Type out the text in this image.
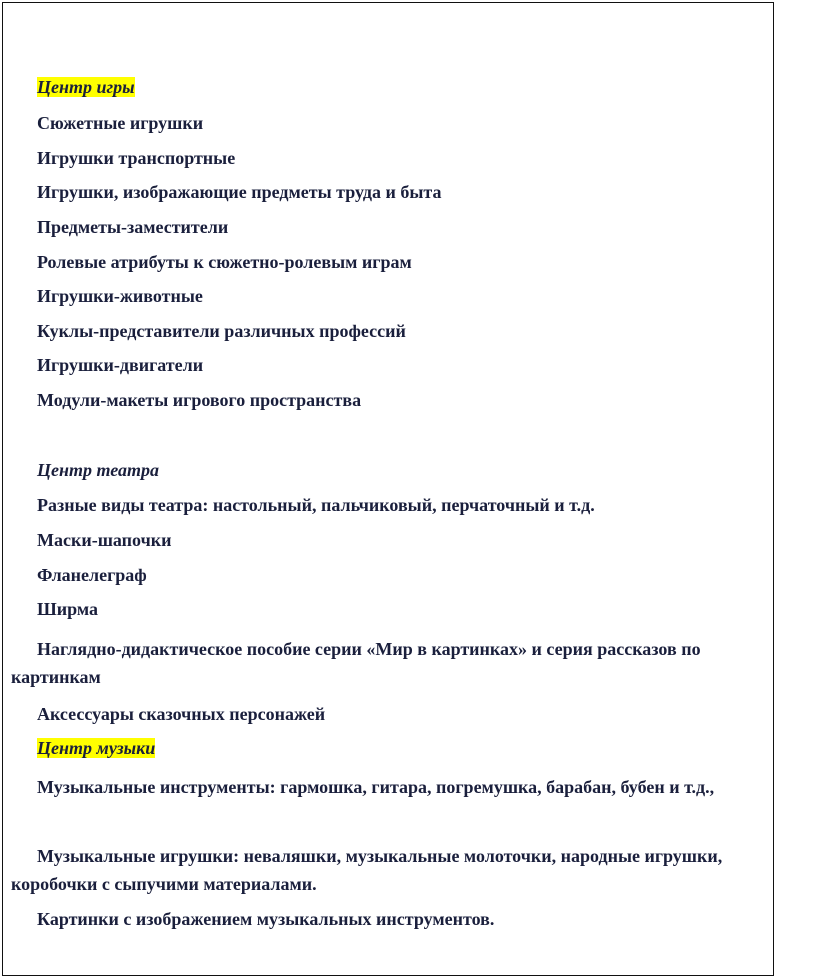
Центр игры
Сюжетные игрушки
Игрушки транспортные
Игрушки, изображающие предметы труда и быта
Предметы-заместители
Ролевые атрибуты к сюжетно-ролевым играм
Игрушки-животные
Куклы-представители различных профессий
Игрушки-двигатели
Модули-макеты игрового пространства
Центр театра
Разные виды театра: настольный, пальчиковый, перчаточный и т.д.
Маски-шапочки
Фланелеграф
Ширма
Наглядно-дидактическое пособие серии «Мир в картинках» и серия рассказов по картинкам
Аксессуары сказочных персонажей
Центр музыки
Музыкальные инструменты: гармошка, гитара, погремушка, барабан, бубен и т.д.,
Музыкальные игрушки: неваляшки, музыкальные молоточки, народные игрушки, коробочки с сыпучими материалами.
Картинки с изображением музыкальных инструментов.
